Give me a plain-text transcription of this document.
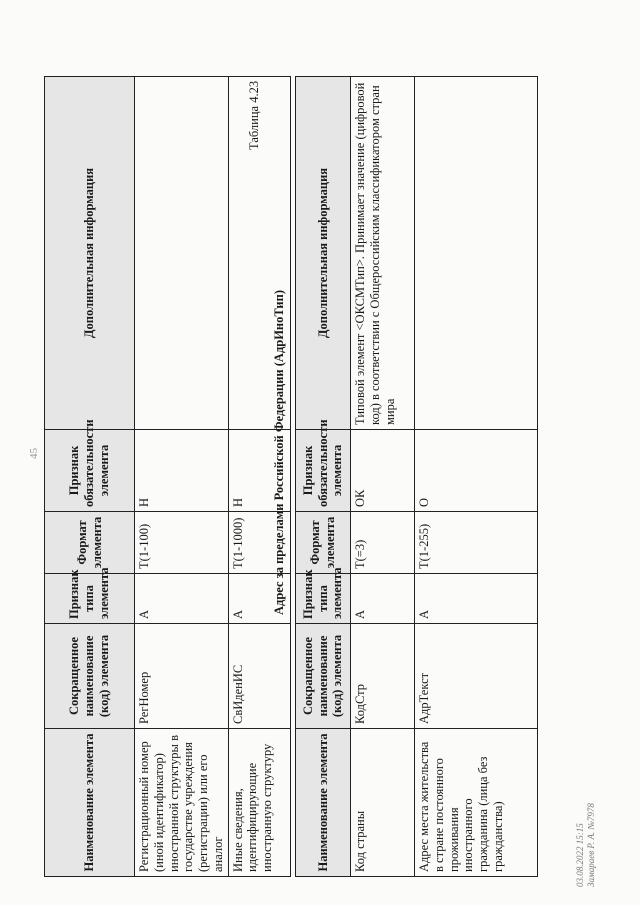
45
Наименование элемента	Сокращенное наименование (код) элемента	Признак типа элемента	Формат элемента	Признак обязательности элемента	Дополнительная информация
Регистрационный номер (иной идентификатор) иностранной структуры в государстве учреждения (регистрации) или его аналог	РегНомер	А	T(1-100)	Н	
Иные сведения, идентифицирующие иностранную структуру	СвИденИС	А	T(1-1000)	Н	
Таблица 4.23
Адрес за пределами Российской Федерации (АдрИноТип)
Наименование элемента	Сокращенное наименование (код) элемента	Признак типа элемента	Формат элемента	Признак обязательности элемента	Дополнительная информация
Код страны	КодСтр	А	T(=3)	ОК	Типовой элемент <ОКСМТип>. Принимает значение (цифровой код) в соответствии с Общероссийским классификатором стран мира
Адрес места жительства в стране постоянного проживания иностранного гражданина (лица без гражданства)	АдрТекст	А	T(1-255)	О	
03.08.2022 15:15 Замараев Р. А. №7978
